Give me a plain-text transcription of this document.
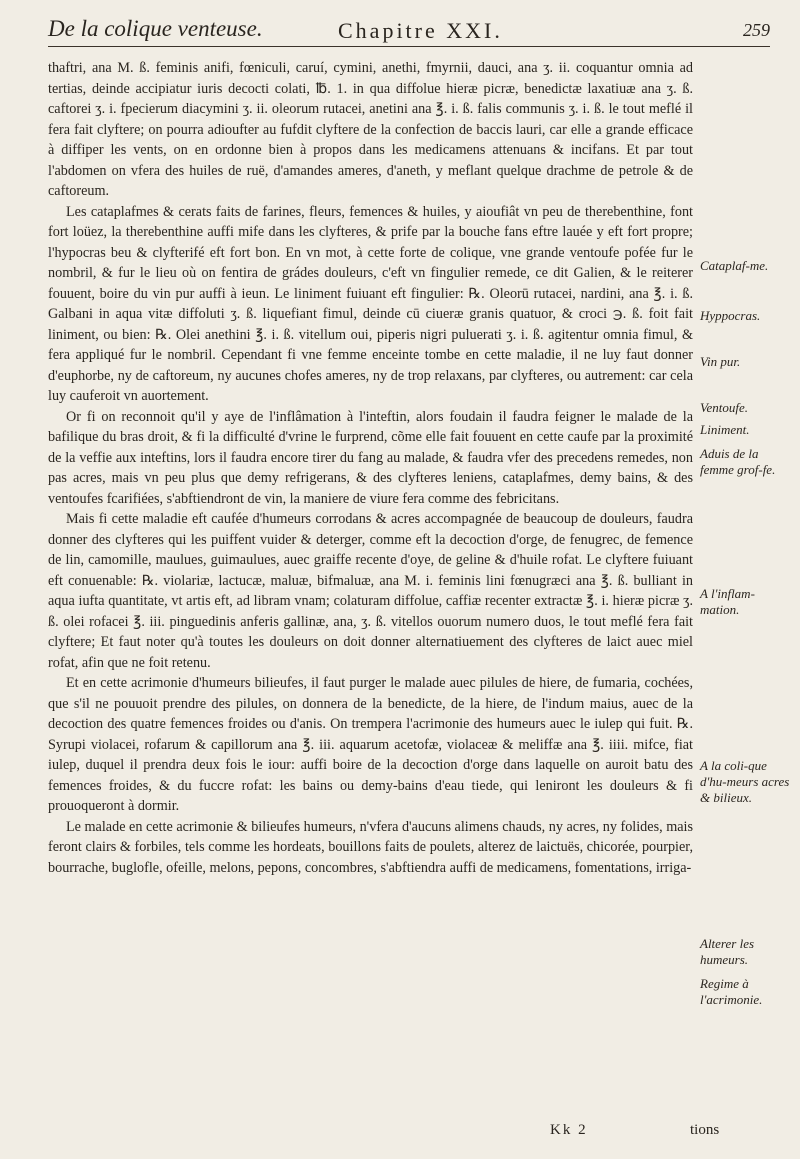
De la colique venteuse.	Chapitre XXI.	259

thaftri, ana M. ß. feminis anifi, fœniculi, caruí, cymini, anethi, fmyrnii, dauci, ana ʒ. ii. coquantur omnia ad tertias, deinde accipiatur iuris decocti colati, ℔. 1. in qua diffolue hieræ picræ, benedictæ laxatiuæ ana ʒ. ß. caftorei ʒ. i. fpecierum diacymini ʒ. ii. oleorum rutacei, anetini ana ℥. i. ß. falis communis ʒ. i. ß. le tout meflé il fera fait clyftere; on pourra adioufter au fufdit clyftere de la confection de baccis lauri, car elle a grande efficace à diffiper les vents, on en ordonne bien à propos dans les medicamens attenuans & incifans. Et par tout l'abdomen on vfera des huiles de ruë, d'amandes ameres, d'aneth, y meflant quelque drachme de petrole & de caftoreum.

Les cataplafmes & cerats faits de farines, fleurs, femences & huiles, y aioufiât vn peu de therebenthine, font fort loüez, la therebenthine auffi mife dans les clyfteres, & prife par la bouche fans eftre lauée y eft fort propre; l'hypocras beu & clyfterifé eft fort bon. En vn mot, à cette forte de colique, vne grande ventoufe pofée fur le nombril, & fur le lieu où on fentira de grádes douleurs, c'eft vn fingulier remede, ce dit Galien, & le reiterer fouuent, boire du vin pur auffi à ieun. Le liniment fuiuant eft fingulier: ℞. Oleorū rutacei, nardini, ana ℥. i. ß. Galbani in aqua vitæ diffoluti ʒ. ß. liquefiant fimul, deinde cū ciueræ granis quatuor, & croci ℈. ß. foit fait liniment, ou bien: ℞. Olei anethini ℥. i. ß. vitellum oui, piperis nigri puluerati ʒ. i. ß. agitentur omnia fimul, & fera appliqué fur le nombril. Cependant fi vne femme enceinte tombe en cette maladie, il ne luy faut donner d'euphorbe, ny de caftoreum, ny aucunes chofes ameres, ny de trop relaxans, par clyfteres, ou autrement: car cela luy cauferoit vn auortement.

Or fi on reconnoit qu'il y aye de l'inflâmation à l'inteftin, alors foudain il faudra feigner le malade de la bafilique du bras droit, & fi la difficulté d'vrine le furprend, cõme elle fait fouuent en cette caufe par la proximité de la veffie aux inteftins, lors il faudra encore tirer du fang au malade, & faudra vfer des precedens remedes, non pas acres, mais vn peu plus que demy refrigerans, & des clyfteres leniens, cataplafmes, demy bains, & des ventoufes fcarifiées, s'abftiendront de vin, la maniere de viure fera comme des febricitans.

Mais fi cette maladie eft caufée d'humeurs corrodans & acres accompagnée de beaucoup de douleurs, faudra donner des clyfteres qui les puiffent vuider & deterger, comme eft la decoction d'orge, de fenugrec, de femence de lin, camomille, maulues, guimaulues, auec graiffe recente d'oye, de geline & d'huile rofat. Le clyftere fuiuant eft conuenable: ℞. violariæ, lactucæ, maluæ, bifmaluæ, ana M. i. feminis lini fœnugræci ana ℥. ß. bulliant in aqua iufta quantitate, vt artis eft, ad libram vnam; colaturam diffolue, caffiæ recenter extractæ ℥. i. hieræ picræ ʒ. ß. olei rofacei ℥. iii. pinguedinis anferis gallinæ, ana, ʒ. ß. vitellos ouorum numero duos, le tout meflé fera fait clyftere; Et faut noter qu'à toutes les douleurs on doit donner alternatiuement des clyfteres de laict auec miel rofat, afin que ne foit retenu.

Et en cette acrimonie d'humeurs bilieufes, il faut purger le malade auec pilules de hiere, de fumaria, cochées, que s'il ne pouuoit prendre des pilules, on donnera de la benedicte, de la hiere, de l'indum maius, auec de la decoction des quatre femences froides ou d'anis. On trempera l'acrimonie des humeurs auec le iulep qui fuit. ℞. Syrupi violacei, rofarum & capillorum ana ℥. iii. aquarum acetofæ, violaceæ & meliffæ ana ℥. iiii. mifce, fiat iulep, duquel il prendra deux fois le iour: auffi boire de la decoction d'orge dans laquelle on auroit batu des femences froides, & du fuccre rofat: les bains ou demy-bains d'eau tiede, qui leniront les douleurs & fi prouoqueront à dormir.

Le malade en cette acrimonie & bilieufes humeurs, n'vfera d'aucuns alimens chauds, ny acres, ny folides, mais feront clairs & forbiles, tels comme les hordeats, bouillons faits de poulets, alterez de laictuës, chicorée, pourpier, bourrache, buglofle, ofeille, melons, pepons, concombres, s'abftiendra auffi de medicamens, fomentations, irriga-

Cataplaf-me.
Hyppocras.
Vin pur.
Ventoufe.
Liniment.
Aduis de la femme grof-fe.
A l'inflam-mation.
A la coli-que d'hu-meurs acres & bilieux.
Alterer les humeurs.
Regime à l'acrimonie.
Kk 2	tions
